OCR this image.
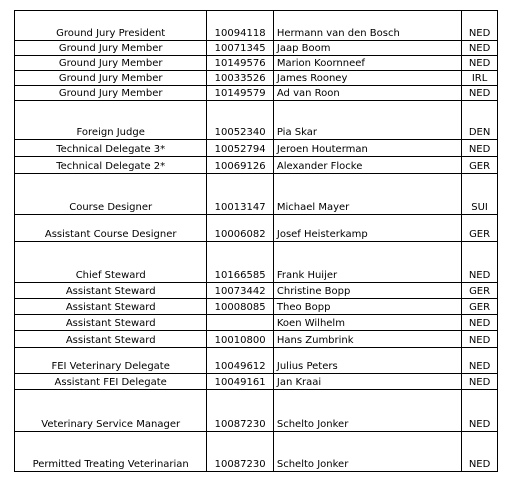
Ground Jury President	10094118	Hermann van den Bosch	NED
Ground Jury Member	10071345	Jaap Boom	NED
Ground Jury Member	10149576	Marion Koornneef	NED
Ground Jury Member	10033526	James Rooney	IRL
Ground Jury Member	10149579	Ad van Roon	NED
Foreign Judge	10052340	Pia Skar	DEN
Technical Delegate 3*	10052794	Jeroen Houterman	NED
Technical Delegate 2*	10069126	Alexander Flocke	GER
Course Designer	10013147	Michael Mayer	SUI
Assistant Course Designer	10006082	Josef Heisterkamp	GER
Chief Steward	10166585	Frank Huijer	NED
Assistant Steward	10073442	Christine Bopp	GER
Assistant Steward	10008085	Theo Bopp	GER
Assistant Steward		Koen Wilhelm	NED
Assistant Steward	10010800	Hans Zumbrink	NED
FEI Veterinary Delegate	10049612	Julius Peters	NED
Assistant FEI Delegate	10049161	Jan Kraai	NED
Veterinary Service Manager	10087230	Schelto Jonker	NED
Permitted Treating Veterinarian	10087230	Schelto Jonker	NED
